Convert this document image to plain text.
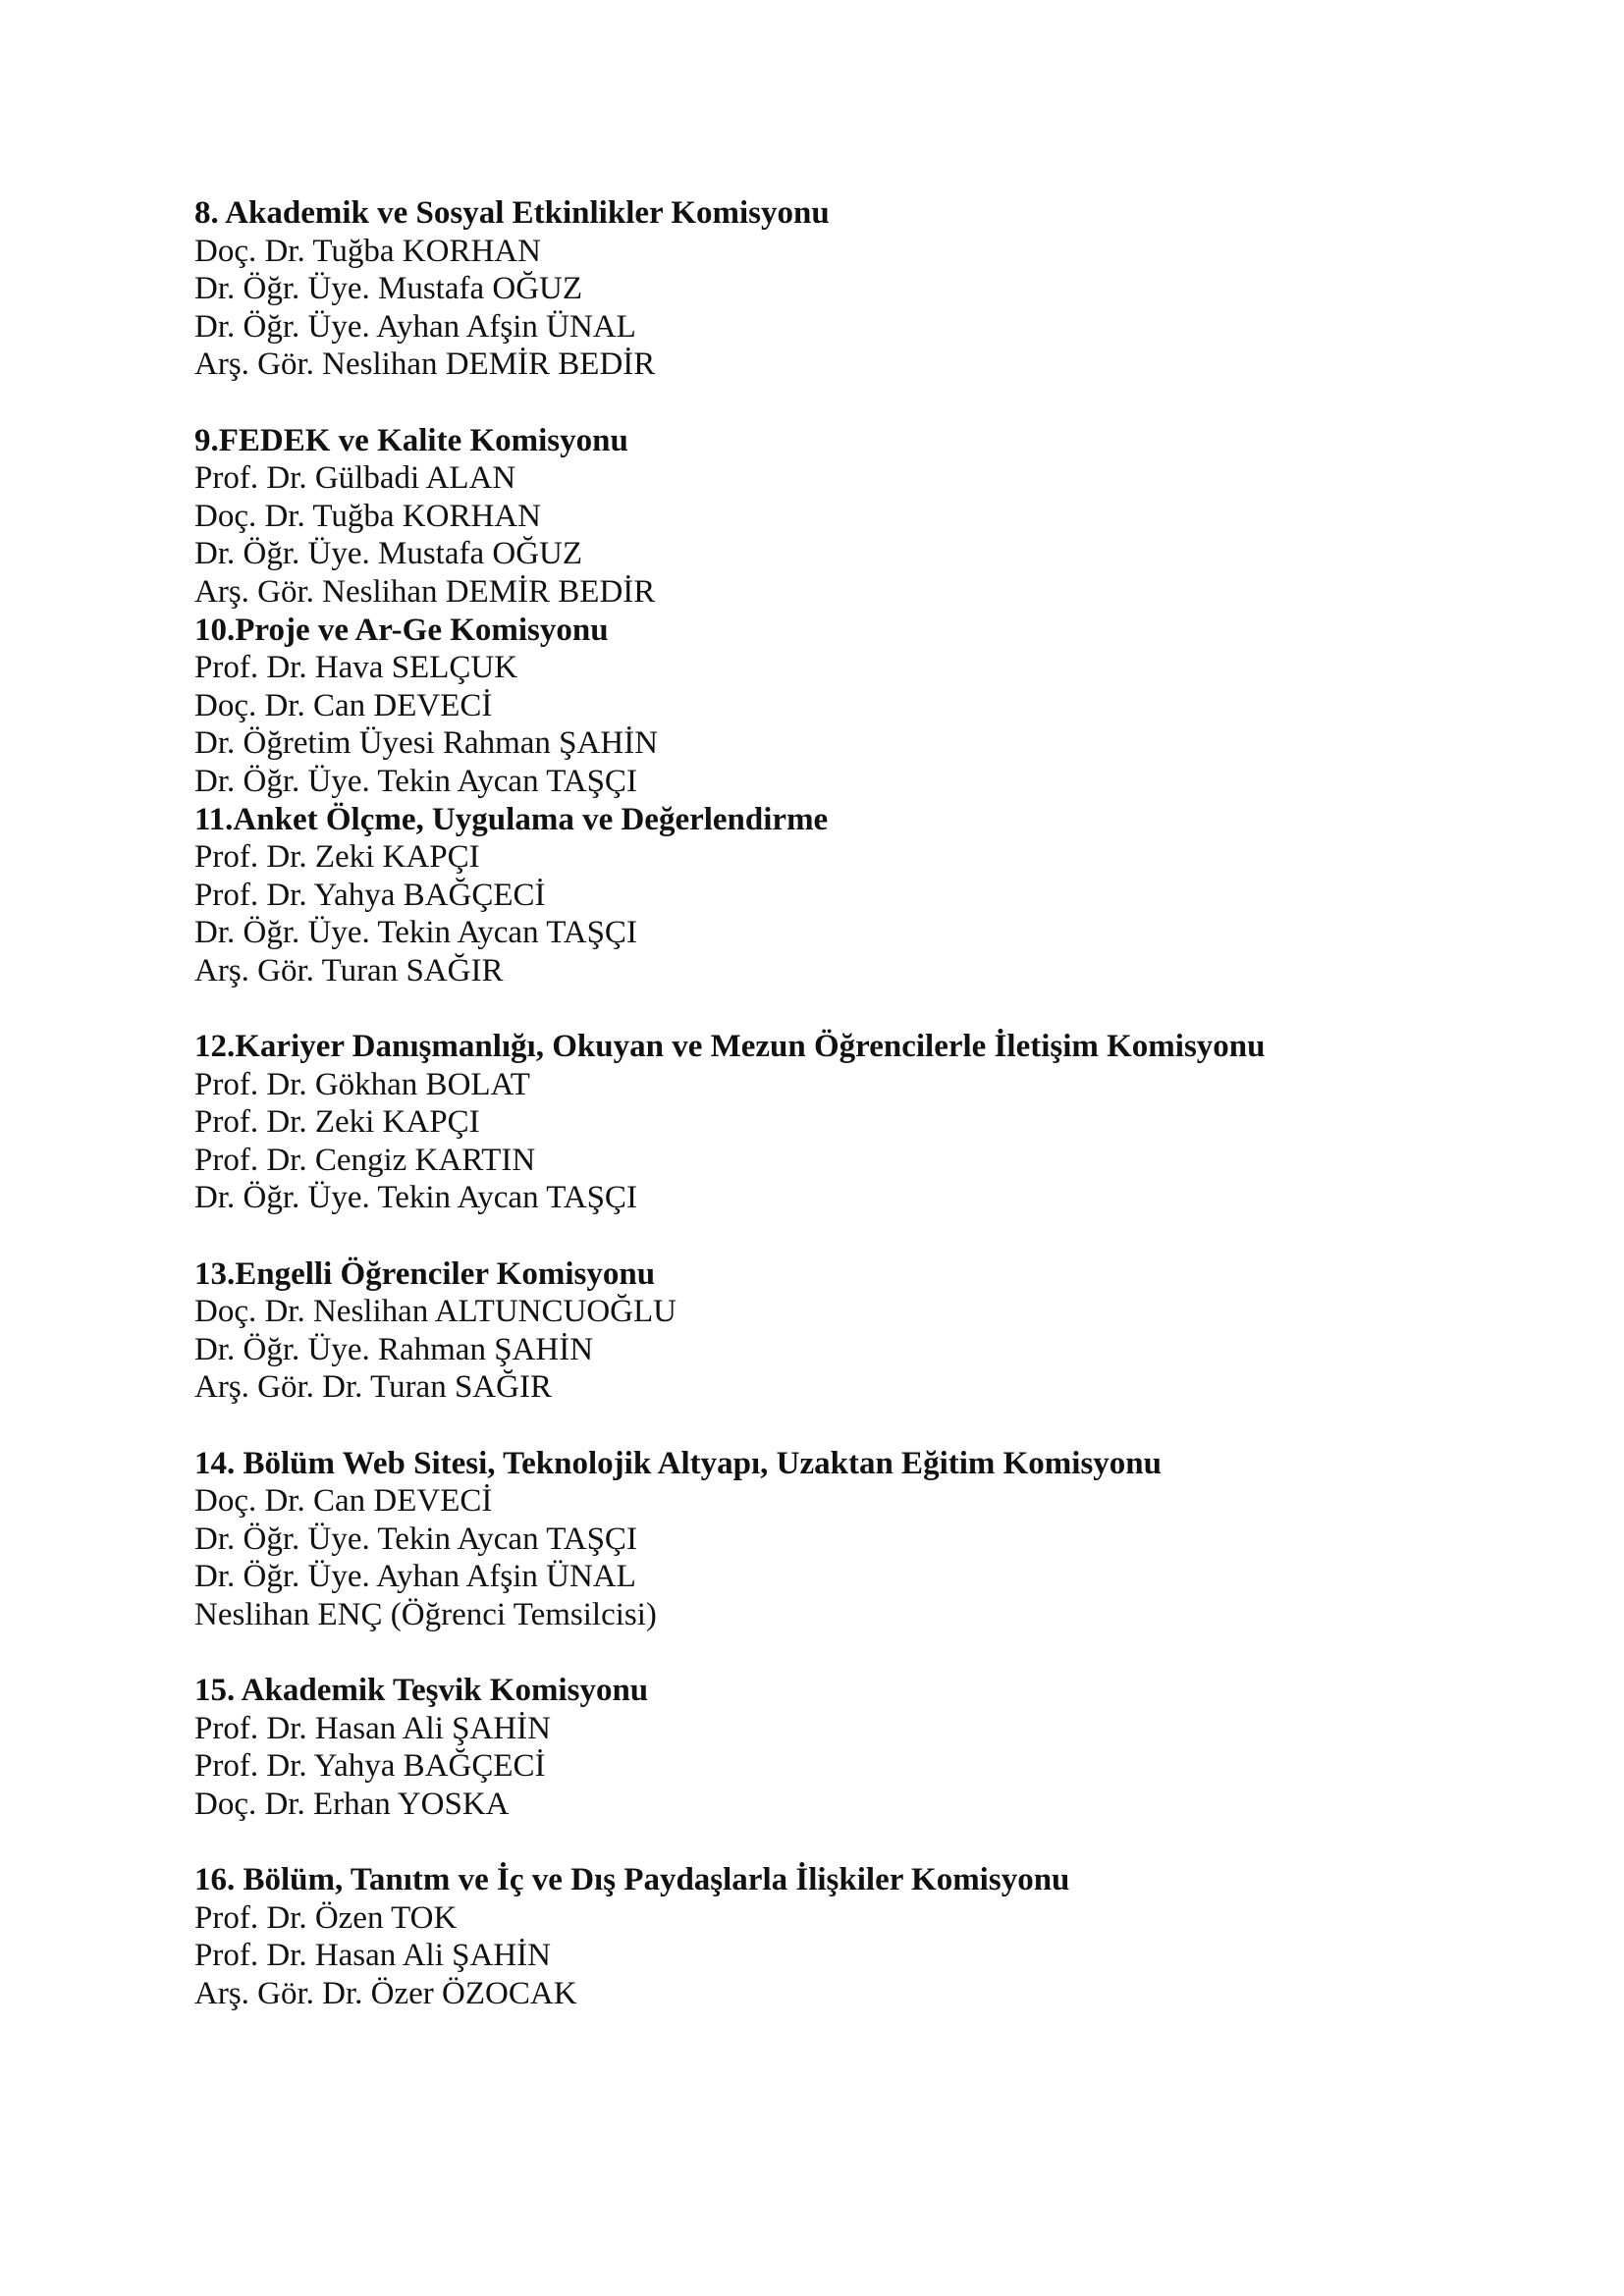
8. Akademik ve Sosyal Etkinlikler Komisyonu
Doç. Dr. Tuğba KORHAN
Dr. Öğr. Üye. Mustafa OĞUZ
Dr. Öğr. Üye. Ayhan Afşin ÜNAL
Arş. Gör. Neslihan DEMİR BEDİR
9.FEDEK ve Kalite Komisyonu
Prof. Dr. Gülbadi ALAN
Doç. Dr. Tuğba KORHAN
Dr. Öğr. Üye. Mustafa OĞUZ
Arş. Gör. Neslihan DEMİR BEDİR
10.Proje ve Ar-Ge Komisyonu
Prof. Dr. Hava SELÇUK
Doç. Dr. Can DEVECİ
Dr. Öğretim Üyesi Rahman ŞAHİN
Dr. Öğr. Üye. Tekin Aycan TAŞÇI
11.Anket Ölçme, Uygulama ve Değerlendirme
Prof. Dr. Zeki KAPÇI
Prof. Dr. Yahya BAĞÇECİ
Dr. Öğr. Üye. Tekin Aycan TAŞÇI
Arş. Gör. Turan SAĞIR
12.Kariyer Danışmanlığı, Okuyan ve Mezun Öğrencilerle İletişim Komisyonu
Prof. Dr. Gökhan BOLAT
Prof. Dr. Zeki KAPÇI
Prof. Dr. Cengiz KARTIN
Dr. Öğr. Üye. Tekin Aycan TAŞÇI
13.Engelli Öğrenciler Komisyonu
Doç. Dr. Neslihan ALTUNCUOĞLU
Dr. Öğr. Üye. Rahman ŞAHİN
Arş. Gör. Dr. Turan SAĞIR
14. Bölüm Web Sitesi, Teknolojik Altyapı, Uzaktan Eğitim Komisyonu
Doç. Dr. Can DEVECİ
Dr. Öğr. Üye. Tekin Aycan TAŞÇI
Dr. Öğr. Üye. Ayhan Afşin ÜNAL
Neslihan ENÇ (Öğrenci Temsilcisi)
15. Akademik Teşvik Komisyonu
Prof. Dr. Hasan Ali ŞAHİN
Prof. Dr. Yahya BAĞÇECİ
Doç. Dr. Erhan YOSKA
16. Bölüm, Tanıtm ve İç ve Dış Paydaşlarla İlişkiler Komisyonu
Prof. Dr. Özen TOK
Prof. Dr. Hasan Ali ŞAHİN
Arş. Gör. Dr. Özer ÖZOCAK
